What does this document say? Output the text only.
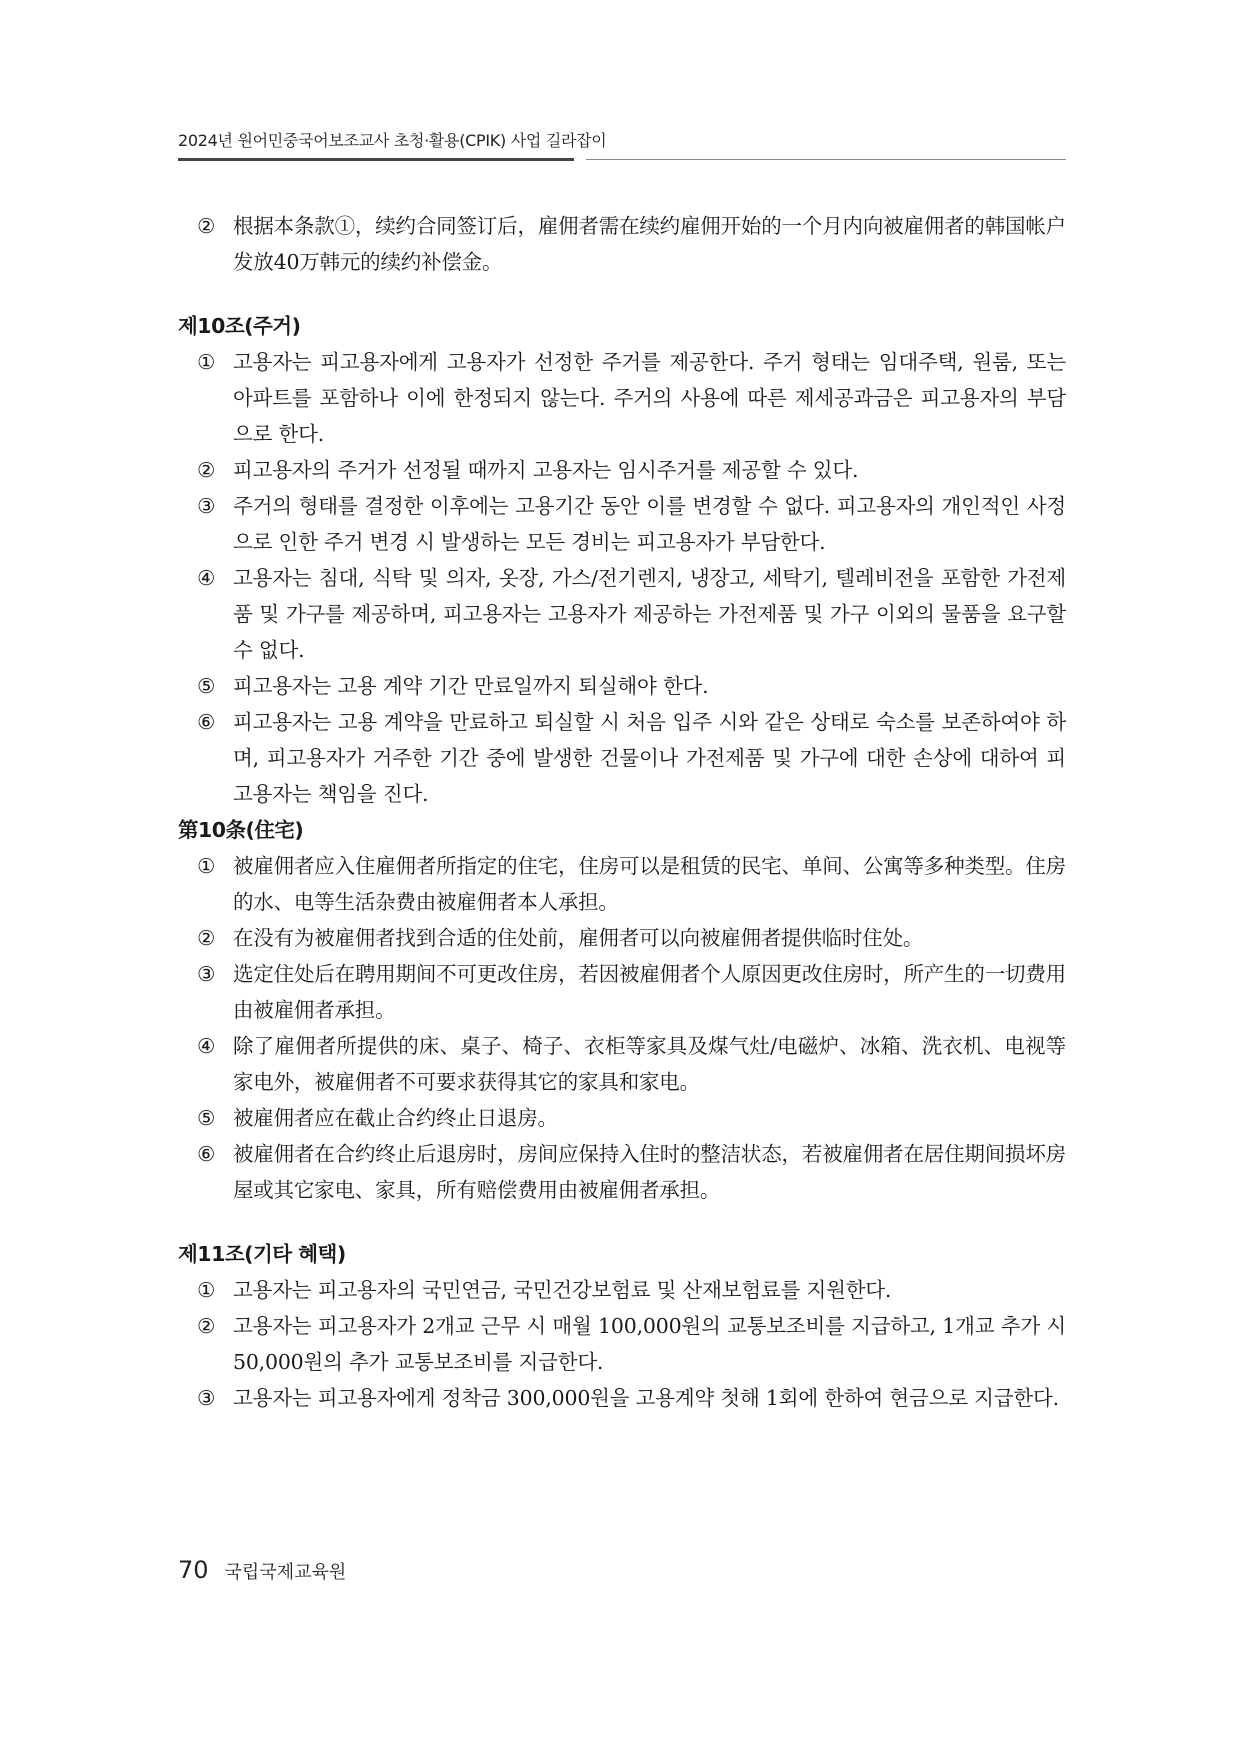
2024년 원어민중국어보조교사 초청·활용(CPIK) 사업 길라잡이
② 根据本条款①，续约合同签订后，雇佣者需在续约雇佣开始的一个月内向被雇佣者的韩国帐户发放40万韩元的续约补偿金。
제10조(주거)
① 고용자는 피고용자에게 고용자가 선정한 주거를 제공한다. 주거 형태는 임대주택, 원룸, 또는 아파트를 포함하나 이에 한정되지 않는다. 주거의 사용에 따른 제세공과금은 피고용자의 부담으로 한다.
② 피고용자의 주거가 선정될 때까지 고용자는 임시주거를 제공할 수 있다.
③ 주거의 형태를 결정한 이후에는 고용기간 동안 이를 변경할 수 없다. 피고용자의 개인적인 사정으로 인한 주거 변경 시 발생하는 모든 경비는 피고용자가 부담한다.
④ 고용자는 침대, 식탁 및 의자, 옷장, 가스/전기렌지, 냉장고, 세탁기, 텔레비전을 포함한 가전제품 및 가구를 제공하며, 피고용자는 고용자가 제공하는 가전제품 및 가구 이외의 물품을 요구할 수 없다.
⑤ 피고용자는 고용 계약 기간 만료일까지 퇴실해야 한다.
⑥ 피고용자는 고용 계약을 만료하고 퇴실할 시 처음 입주 시와 같은 상태로 숙소를 보존하여야 하며, 피고용자가 거주한 기간 중에 발생한 건물이나 가전제품 및 가구에 대한 손상에 대하여 피고용자는 책임을 진다.
第10条(住宅)
① 被雇佣者应入住雇佣者所指定的住宅，住房可以是租赁的民宅、单间、公寓等多种类型。住房的水、电等生活杂费由被雇佣者本人承担。
② 在没有为被雇佣者找到合适的住处前，雇佣者可以向被雇佣者提供临时住处。
③ 选定住处后在聘用期间不可更改住房，若因被雇佣者个人原因更改住房时，所产生的一切费用由被雇佣者承担。
④ 除了雇佣者所提供的床、桌子、椅子、衣柜等家具及煤气灶/电磁炉、冰箱、洗衣机、电视等家电外，被雇佣者不可要求获得其它的家具和家电。
⑤ 被雇佣者应在截止合约终止日退房。
⑥ 被雇佣者在合约终止后退房时，房间应保持入住时的整洁状态，若被雇佣者在居住期间损坏房屋或其它家电、家具，所有赔偿费用由被雇佣者承担。
제11조(기타 혜택)
① 고용자는 피고용자의 국민연금, 국민건강보험료 및 산재보험료를 지원한다.
② 고용자는 피고용자가 2개교 근무 시 매월 100,000원의 교통보조비를 지급하고, 1개교 추가 시 50,000원의 추가 교통보조비를 지급한다.
③ 고용자는 피고용자에게 정착금 300,000원을 고용계약 첫해 1회에 한하여 현금으로 지급한다.
70 국립국제교육원
